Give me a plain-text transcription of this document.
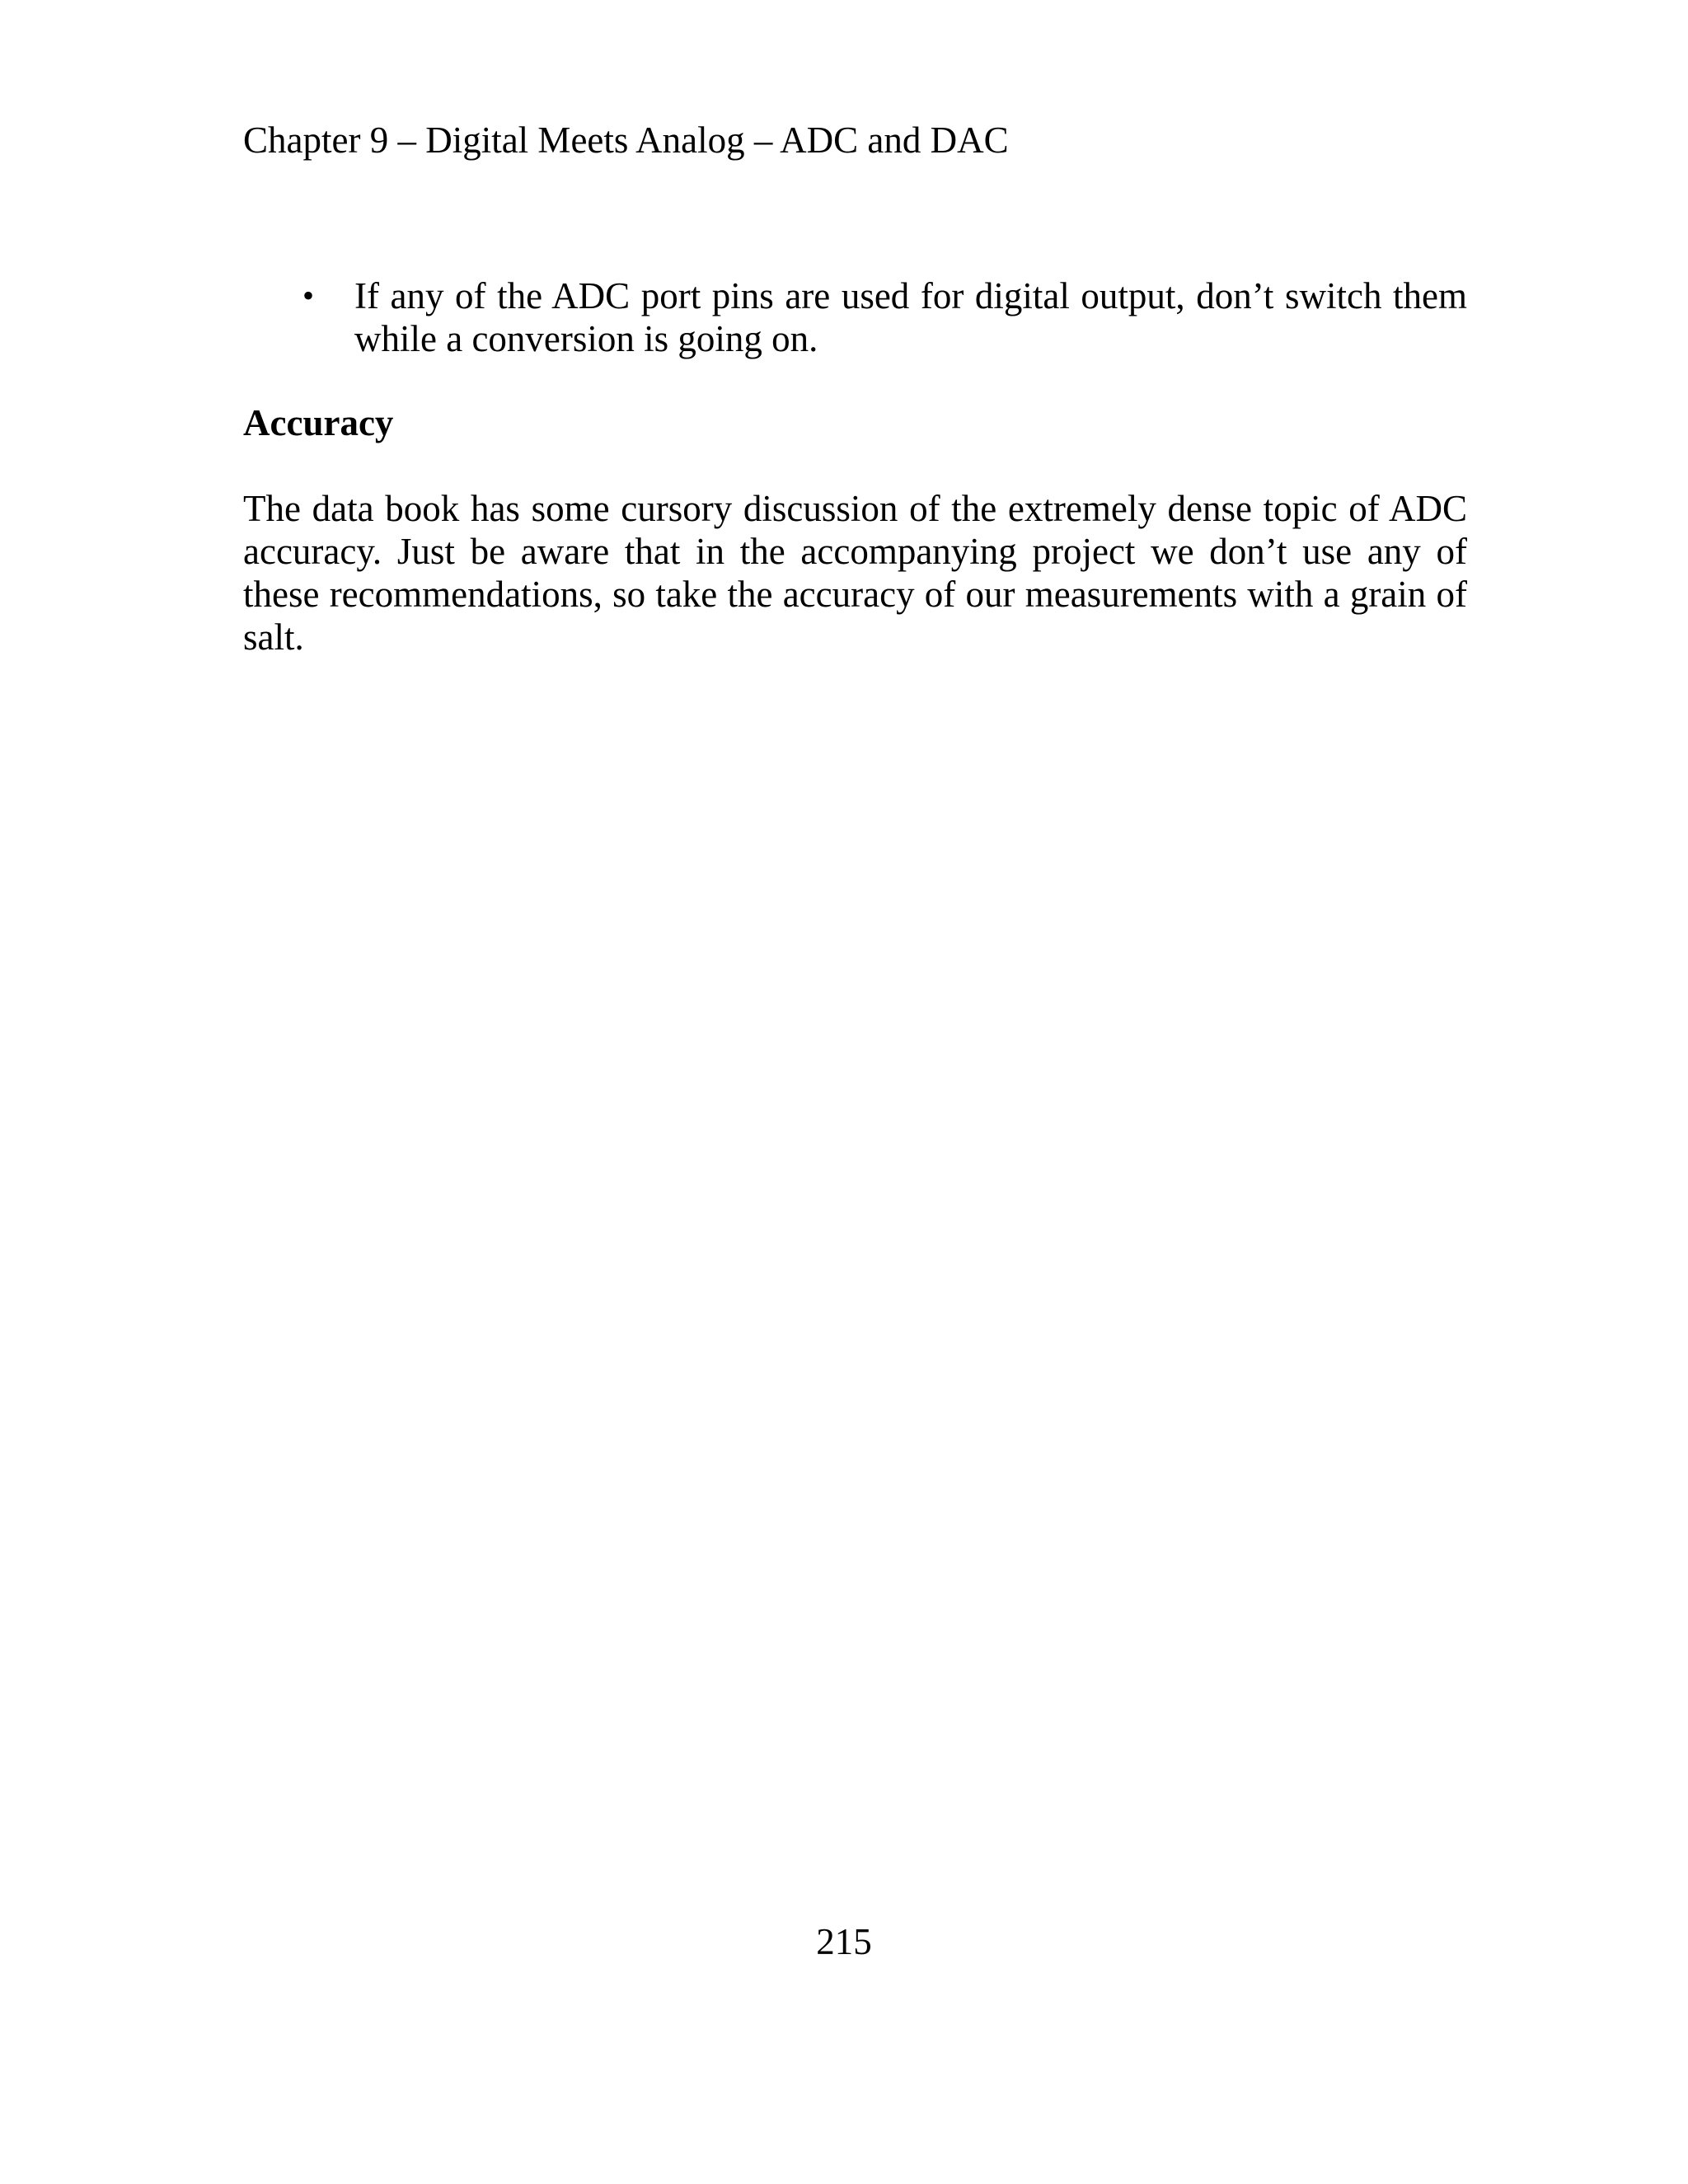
Chapter 9 – Digital Meets Analog – ADC and DAC
• If any of the ADC port pins are used for digital output, don’t switch them while a conversion is going on.
Accuracy

The data book has some cursory discussion of the extremely dense topic of ADC accuracy. Just be aware that in the accompanying project we don’t use any of these recommendations, so take the accuracy of our measurements with a grain of salt.

215
